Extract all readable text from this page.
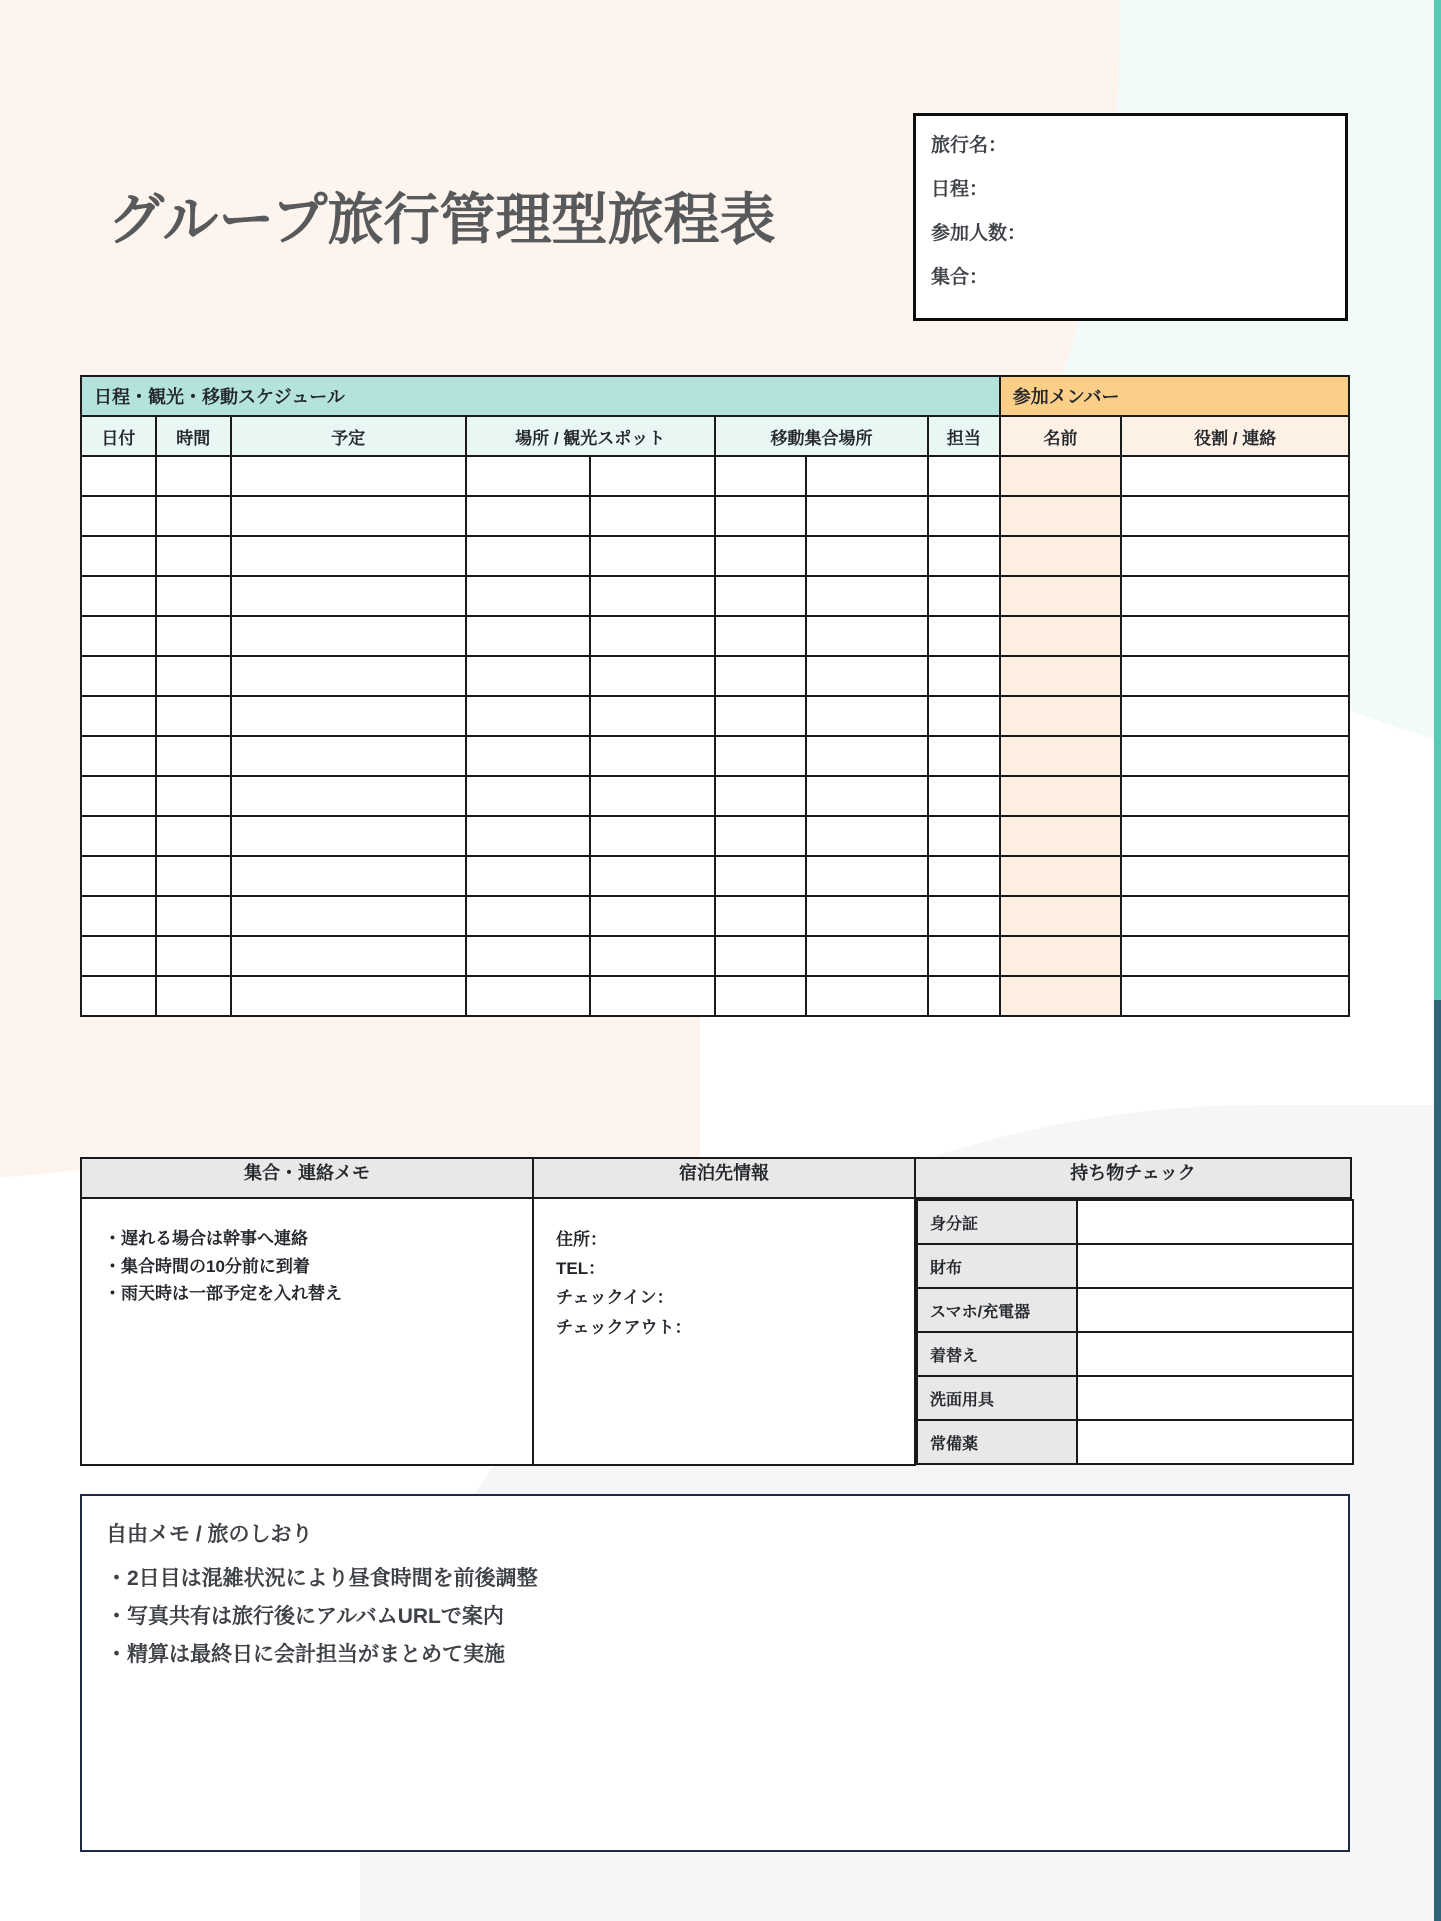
グループ旅行管理型旅程表
旅行名：
日程：
参加人数：
集合：
日程・観光・移動スケジュール								参加メンバー	
日付	時間	予定	場所 / 観光スポット		移動集合場所		担当	名前	役割 / 連絡

集合・連絡メモ	宿泊先情報	持ち物チェック

・遅れる場合は幹事へ連絡
・集合時間の10分前に到着
・雨天時は一部予定を入れ替え

住所：
TEL：
チェックイン：
チェックアウト：

身分証	
財布	
スマホ/充電器	
着替え	
洗面用具	
常備薬	
自由メモ / 旅のしおり
・2日目は混雑状況により昼食時間を前後調整
・写真共有は旅行後にアルバムURLで案内
・精算は最終日に会計担当がまとめて実施
